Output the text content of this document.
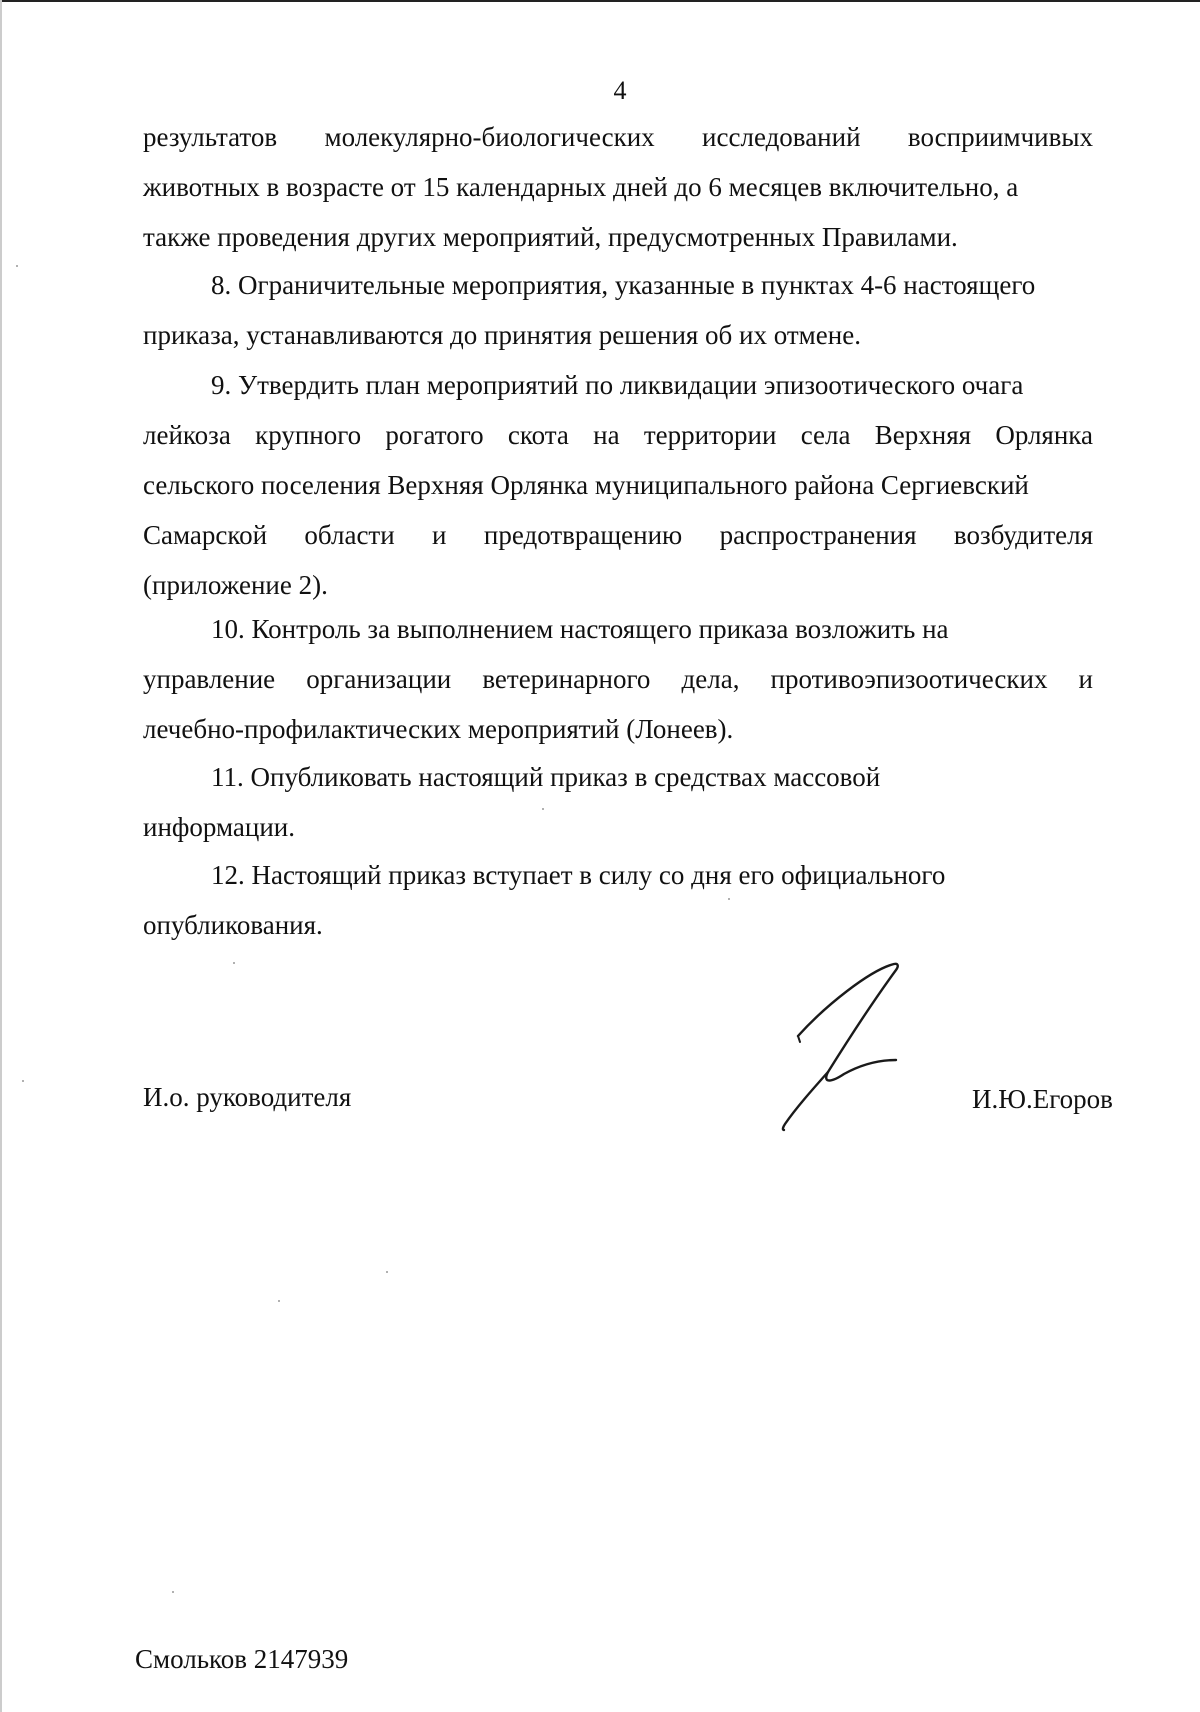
4

результатов молекулярно-биологических исследований восприимчивых
животных в возрасте от 15 календарных дней до 6 месяцев включительно, а
также проведения других мероприятий, предусмотренных Правилами.

8. Ограничительные мероприятия, указанные в пунктах 4-6 настоящего
приказа, устанавливаются до принятия решения об их отмене.

9. Утвердить план мероприятий по ликвидации эпизоотического очага
лейкоза крупного рогатого скота на территории села Верхняя Орлянка
сельского поселения Верхняя Орлянка муниципального района Сергиевский
Самарской области и предотвращению распространения возбудителя
(приложение 2).

10. Контроль за выполнением настоящего приказа возложить на
управление организации ветеринарного дела, противоэпизоотических и
лечебно-профилактических мероприятий (Лонеев).

11. Опубликовать настоящий приказ в средствах массовой
информации.

12. Настоящий приказ вступает в силу со дня его официального
опубликования.

И.о. руководителя	И.Ю.Егоров
Смольков 2147939
